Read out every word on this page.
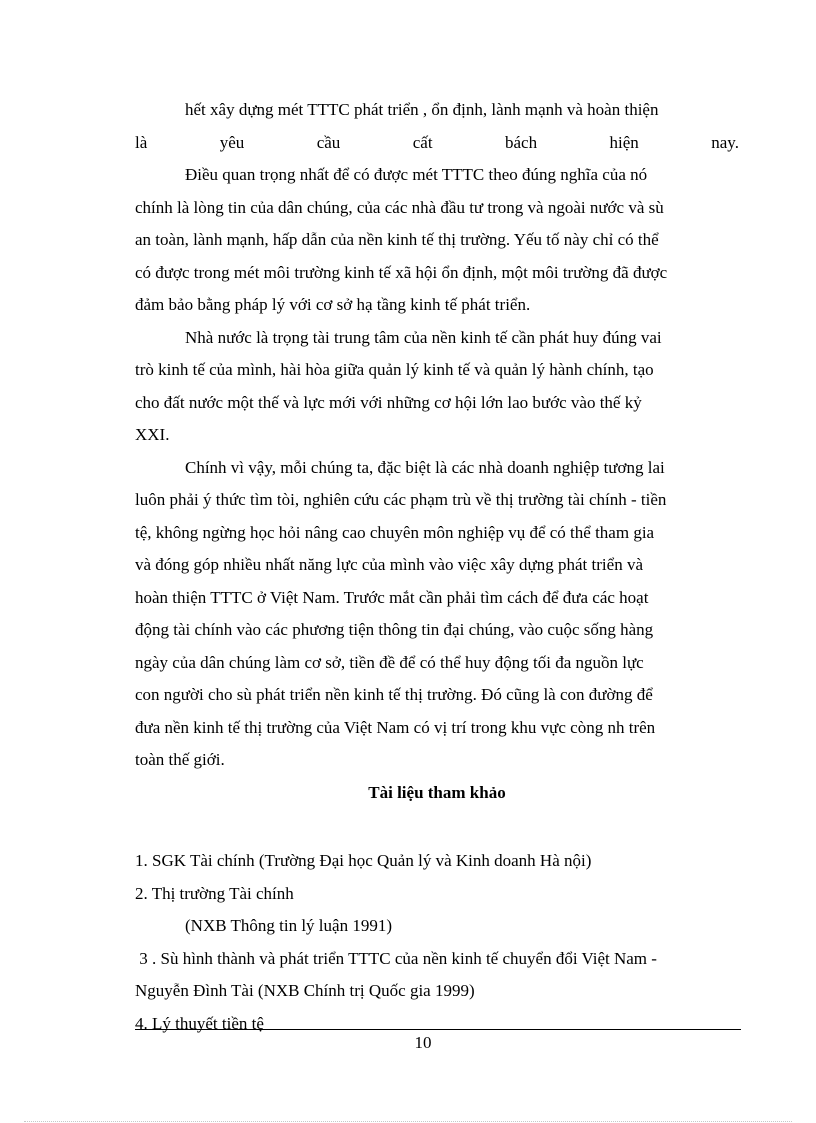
hết xây dựng mét TTTC phát triển , ổn định, lành mạnh và hoàn thiện
là	yêu	cầu	cất	bách	hiện	nay.
Điều quan trọng nhất để có được mét TTTC theo đúng nghĩa của nó
chính là lòng tin của dân chúng, của các nhà đầu tư trong và ngoài nước và sù
an toàn, lành mạnh, hấp dẫn của nền kinh tế thị trường. Yếu tố này chỉ có thể
có được trong mét môi trường kinh tế xã hội ổn định, một môi trường đã được
đảm bảo bằng pháp lý với cơ sở hạ tầng kinh tế phát triển.
Nhà nước là trọng tài trung tâm của nền kinh tế cần phát huy đúng vai
trò kinh tế của mình, hài hòa giữa quản lý kinh tế và quản lý hành chính, tạo
cho đất nước một thế và lực mới với những cơ hội lớn lao bước vào thế kỷ
XXI.
Chính vì vậy, mỗi chúng ta, đặc biệt là các nhà doanh nghiệp tương lai
luôn phải ý thức tìm tòi, nghiên cứu các phạm trù về thị trường tài chính - tiền
tệ, không ngừng học hỏi nâng cao chuyên môn nghiệp vụ để có thể tham gia
và đóng góp nhiều nhất năng lực của mình vào việc xây dựng phát triển và
hoàn thiện TTTC ở Việt Nam. Trước mắt cần phải tìm cách để đưa các hoạt
động tài chính vào các phương tiện thông tin đại chúng, vào cuộc sống hàng
ngày của dân chúng làm cơ sở, tiền đề để có thể huy động tối đa nguồn lực
con người cho sù phát triển nền kinh tế thị trường. Đó cũng là con đường để
đưa nền kinh tế thị trường của Việt Nam có vị trí trong khu vực còng nh trên
toàn thế giới.
Tài liệu tham khảo
1. SGK Tài chính (Trường Đại học Quản lý và Kinh doanh Hà nội)
2. Thị trường Tài chính
(NXB Thông tin lý luận 1991)
3 . Sù hình thành và phát triển TTTC của nền kinh tế chuyển đổi Việt Nam -
Nguyễn Đình Tài (NXB Chính trị Quốc gia 1999)
4. Lý thuyết tiền tệ
10
